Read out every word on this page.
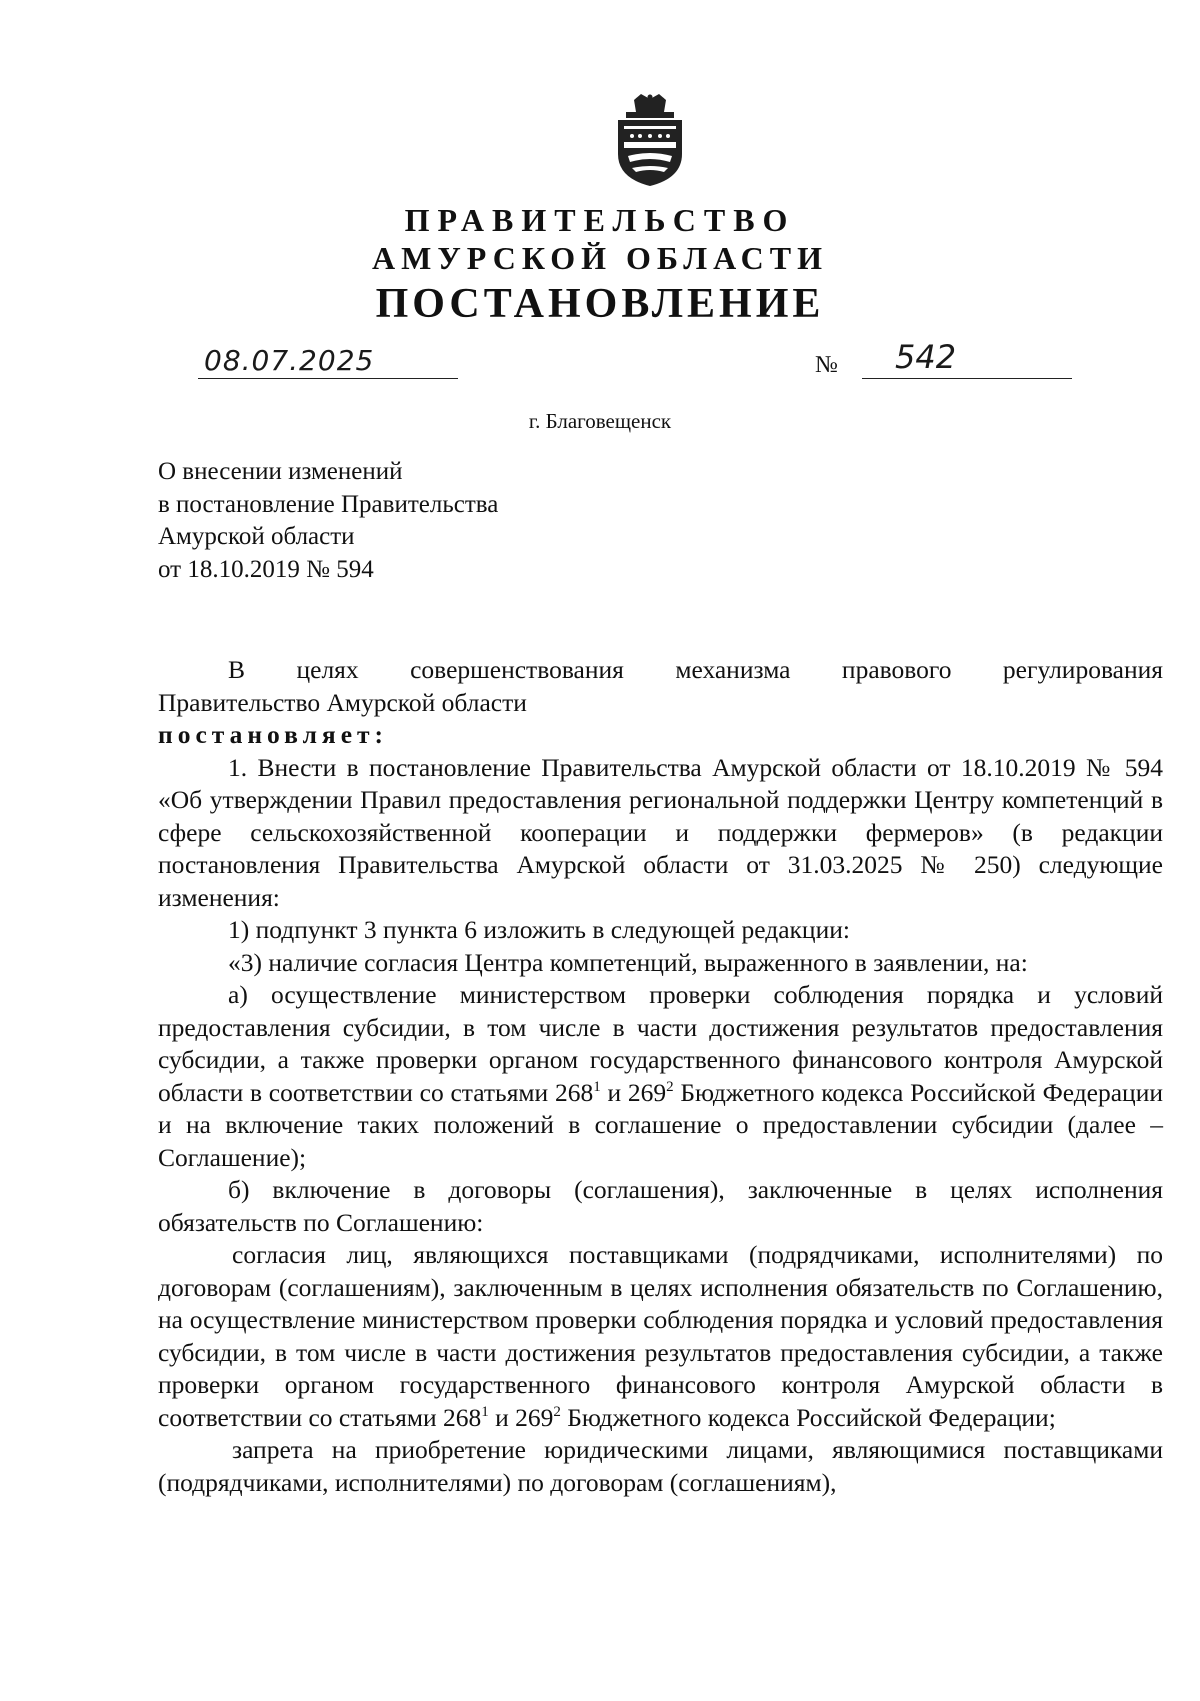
ПРАВИТЕЛЬСТВО
АМУРСКОЙ ОБЛАСТИ
ПОСТАНОВЛЕНИЕ
08.07.2025	№ 542
г. Благовещенск
О внесении изменений
в постановление Правительства
Амурской области
от 18.10.2019 № 594

В целях совершенствования механизма правового регулирования

Правительство Амурской области

постановляет:

1. Внести в постановление Правительства Амурской области от 18.10.2019 № 594 «Об утверждении Правил предоставления региональной поддержки Центру компетенций в сфере сельскохозяйственной кооперации и поддержки фермеров» (в редакции постановления Правительства Амурской области от 31.03.2025 № 250) следующие изменения:

1) подпункт 3 пункта 6 изложить в следующей редакции:

«3) наличие согласия Центра компетенций, выраженного в заявлении, на:

а) осуществление министерством проверки соблюдения порядка и условий предоставления субсидии, в том числе в части достижения результатов предоставления субсидии, а также проверки органом государственного финансового контроля Амурской области в соответствии со статьями $268^1$ и $269^2$ Бюджетного кодекса Российской Федерации и на включение таких положений в соглашение о предоставлении субсидии (далее – Соглашение);

б) включение в договоры (соглашения), заключенные в целях исполнения обязательств по Соглашению:

согласия лиц, являющихся поставщиками (подрядчиками, исполнителями) по договорам (соглашениям), заключенным в целях исполнения обязательств по Соглашению, на осуществление министерством проверки соблюдения порядка и условий предоставления субсидии, в том числе в части достижения результатов предоставления субсидии, а также проверки органом государственного финансового контроля Амурской области в соответствии со статьями $268^1$ и $269^2$ Бюджетного кодекса Российской Федерации;

запрета на приобретение юридическими лицами, являющимися поставщиками (подрядчиками, исполнителями) по договорам (соглашениям),
